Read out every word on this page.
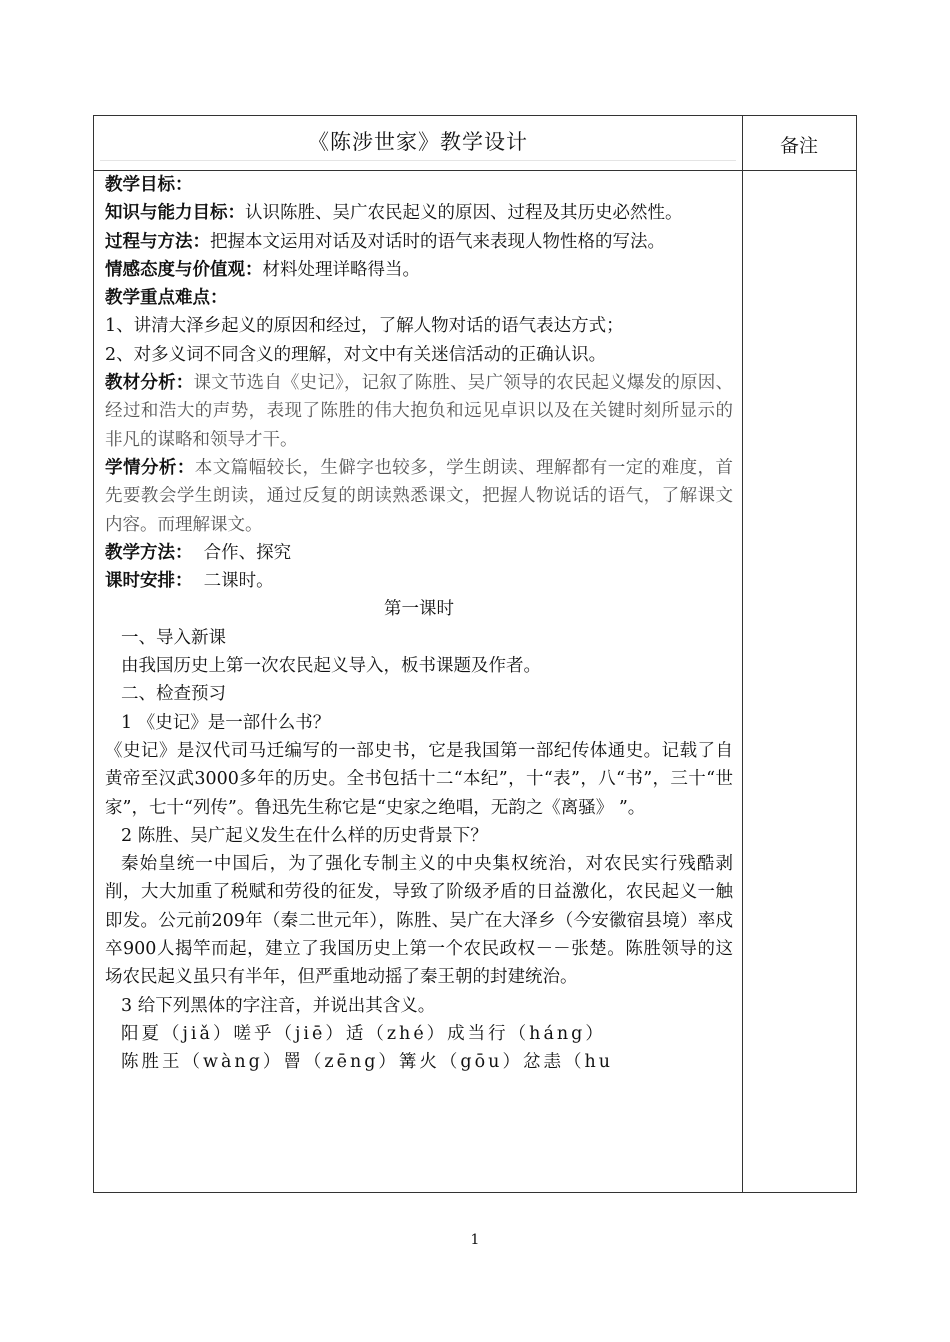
《陈涉世家》教学设计	备注

教学目标：

知识与能力目标：认识陈胜、吴广农民起义的原因、过程及其历史必然性。

过程与方法：把握本文运用对话及对话时的语气来表现人物性格的写法。

情感态度与价值观：材料处理详略得当。

教学重点难点：

1、讲清大泽乡起义的原因和经过，了解人物对话的语气表达方式；

2、对多义词不同含义的理解，对文中有关迷信活动的正确认识。

教材分析：课文节选自《史记》，记叙了陈胜、吴广领导的农民起义爆发的原因、经过和浩大的声势，表现了陈胜的伟大抱负和远见卓识以及在关键时刻所显示的非凡的谋略和领导才干。

学情分析：本文篇幅较长，生僻字也较多，学生朗读、理解都有一定的难度，首先要教会学生朗读，通过反复的朗读熟悉课文，把握人物说话的语气，了解课文内容。而理解课文。

教学方法： 合作、探究

课时安排： 二课时。

第一课时

一、导入新课

由我国历史上第一次农民起义导入，板书课题及作者。

二、检查预习

1 《史记》是一部什么书？

《史记》是汉代司马迁编写的一部史书，它是我国第一部纪传体通史。记载了自黄帝至汉武3000多年的历史。全书包括十二“本纪”，十“表”，八“书”，三十“世家”，七十“列传”。鲁迅先生称它是“史家之绝唱，无韵之《离骚》 ”。

2 陈胜、吴广起义发生在什么样的历史背景下？

秦始皇统一中国后，为了强化专制主义的中央集权统治，对农民实行残酷剥削，大大加重了税赋和劳役的征发，导致了阶级矛盾的日益激化，农民起义一触即发。公元前209年（秦二世元年），陈胜、吴广在大泽乡（今安徽宿县境）率戍卒900人揭竿而起，建立了我国历史上第一个农民政权－－张楚。陈胜领导的这场农民起义虽只有半年，但严重地动摇了秦王朝的封建统治。

3 给下列黑体的字注音，并说出其含义。

阳夏（jiǎ）嗟乎（jiē）适（zhé）成当行（háng）

陈胜王（wàng）罾（zēng）篝火（gōu）忿恚（hu

1
